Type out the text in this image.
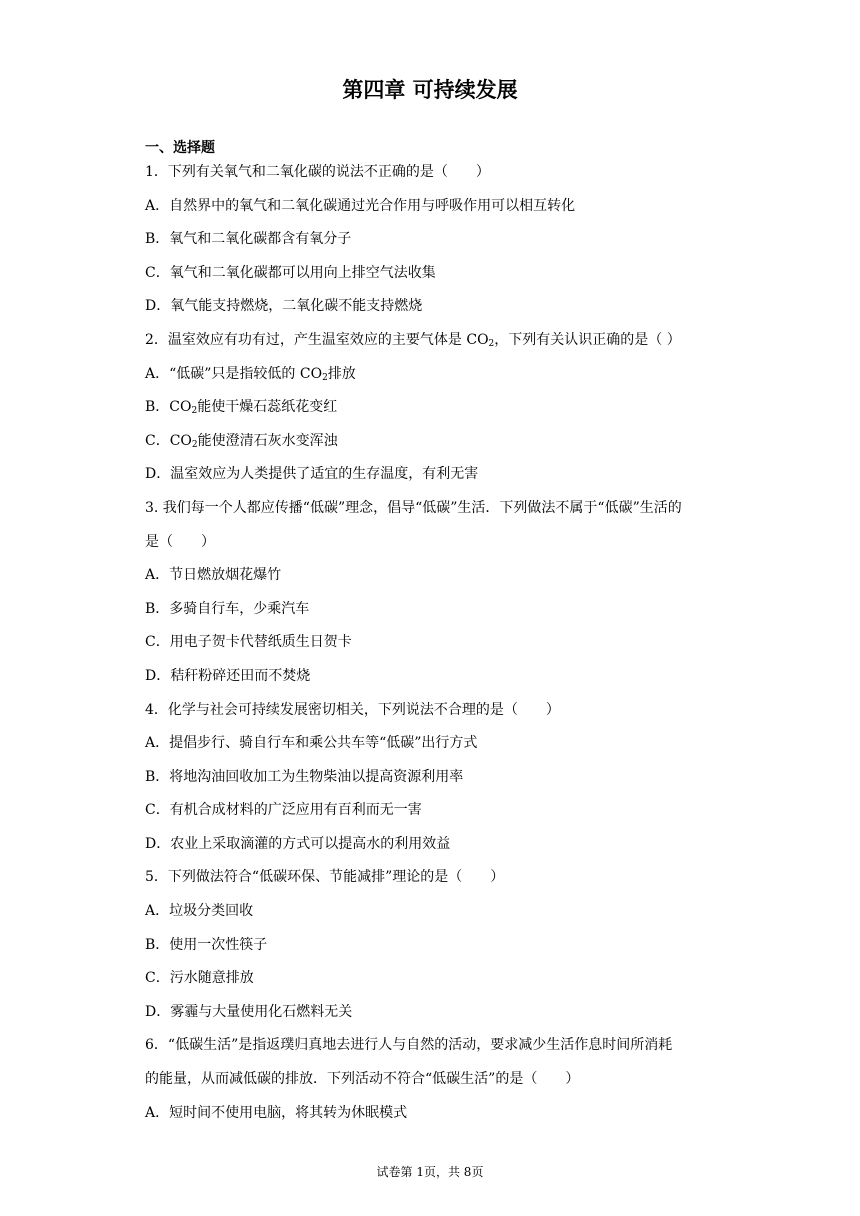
第四章 可持续发展
一、选择题
1．下列有关氧气和二氧化碳的说法不正确的是（　　）
A．自然界中的氧气和二氧化碳通过光合作用与呼吸作用可以相互转化
B．氧气和二氧化碳都含有氧分子
C．氧气和二氧化碳都可以用向上排空气法收集
D．氧气能支持燃烧，二氧化碳不能支持燃烧
2．温室效应有功有过，产生温室效应的主要气体是 $CO_2$，下列有关认识正确的是（ ）
A．“低碳”只是指较低的 $CO_2$排放
B．$CO_2$能使干燥石蕊纸花变红
C．$CO_2$能使澄清石灰水变浑浊
D．温室效应为人类提供了适宜的生存温度，有利无害
3. 我们每一个人都应传播“低碳”理念，倡导“低碳”生活．下列做法不属于“低碳”生活的
是（　　）
A．节日燃放烟花爆竹
B．多骑自行车，少乘汽车
C．用电子贺卡代替纸质生日贺卡
D．秸秆粉碎还田而不焚烧
4．化学与社会可持续发展密切相关，下列说法不合理的是（　　）
A．提倡步行、骑自行车和乘公共车等“低碳”出行方式
B．将地沟油回收加工为生物柴油以提高资源利用率
C．有机合成材料的广泛应用有百利而无一害
D．农业上采取滴灌的方式可以提高水的利用效益
5．下列做法符合“低碳环保、节能减排”理论的是（　　）
A．垃圾分类回收
B．使用一次性筷子
C．污水随意排放
D．雾霾与大量使用化石燃料无关
6．“低碳生活”是指返璞归真地去进行人与自然的活动，要求减少生活作息时间所消耗
的能量，从而减低碳的排放．下列活动不符合“低碳生活”的是（　　）
A．短时间不使用电脑，将其转为休眠模式
试卷第 1页，共 8页
